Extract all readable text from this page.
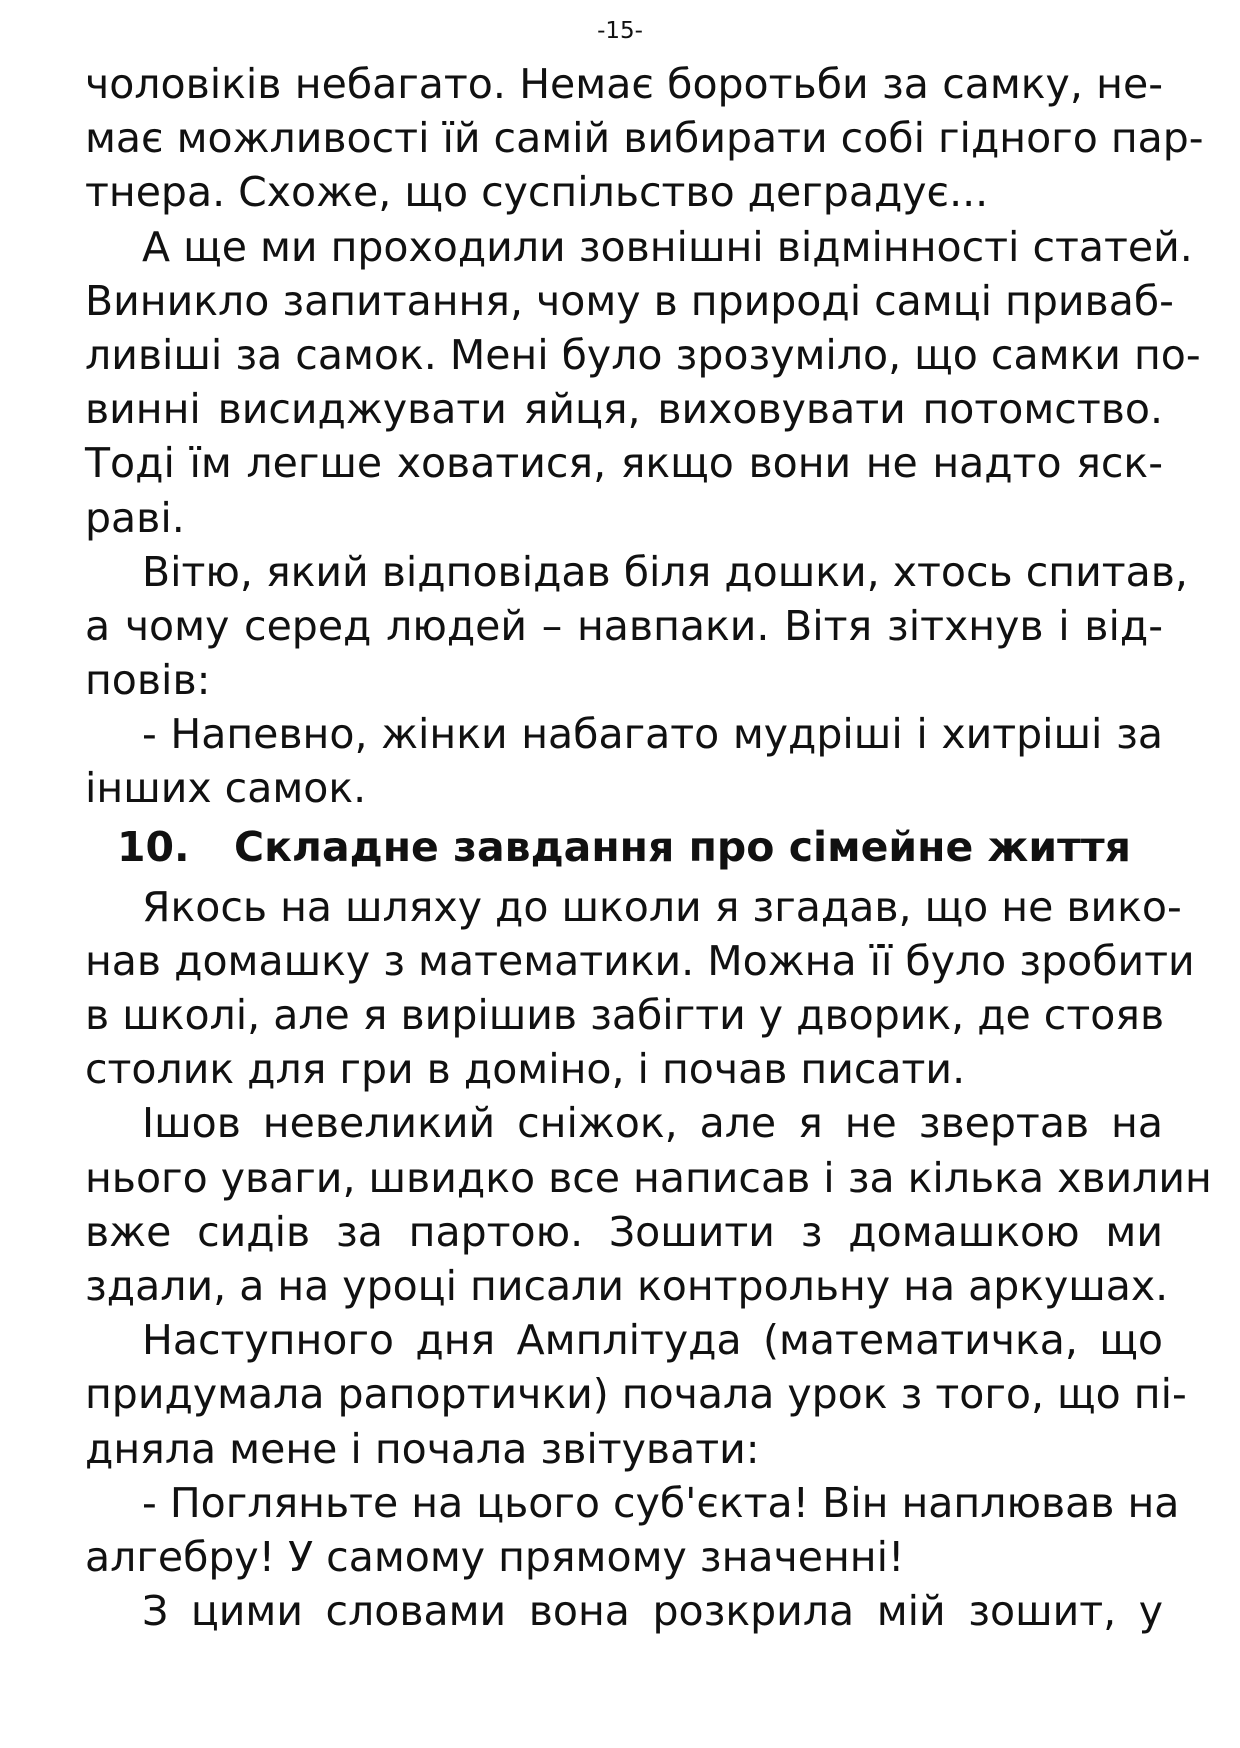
-15-
чоловіків небагато. Немає боротьби за самку, не-
має можливості їй самій вибирати собі гідного пар-
тнера. Схоже, що суспільство деградує...
А ще ми проходили зовнішні відмінності статей.
Виникло запитання, чому в природі самці приваб-
ливіші за самок. Мені було зрозуміло, що самки по-
винні висиджувати яйця, виховувати потомство.
Тоді їм легше ховатися, якщо вони не надто яск-
раві.
Вітю, який відповідав біля дошки, хтось спитав,
а чому серед людей – навпаки. Вітя зітхнув і від-
повів:
- Напевно, жінки набагато мудріші і хитріші за
інших самок.
10. Складне завдання про сімейне життя
Якось на шляху до школи я згадав, що не вико-
нав домашку з математики. Можна її було зробити
в школі, але я вирішив забігти у дворик, де стояв
столик для гри в доміно, і почав писати.
Ішов невеликий сніжок, але я не звертав на
нього уваги, швидко все написав і за кілька хвилин
вже сидів за партою. Зошити з домашкою ми
здали, а на уроці писали контрольну на аркушах.
Наступного дня Амплітуда (математичка, що
придумала рапортички) почала урок з того, що пі-
дняла мене і почала звітувати:
- Погляньте на цього суб'єкта! Він наплював на
алгебру! У самому прямому значенні!
З цими словами вона розкрила мій зошит, у
